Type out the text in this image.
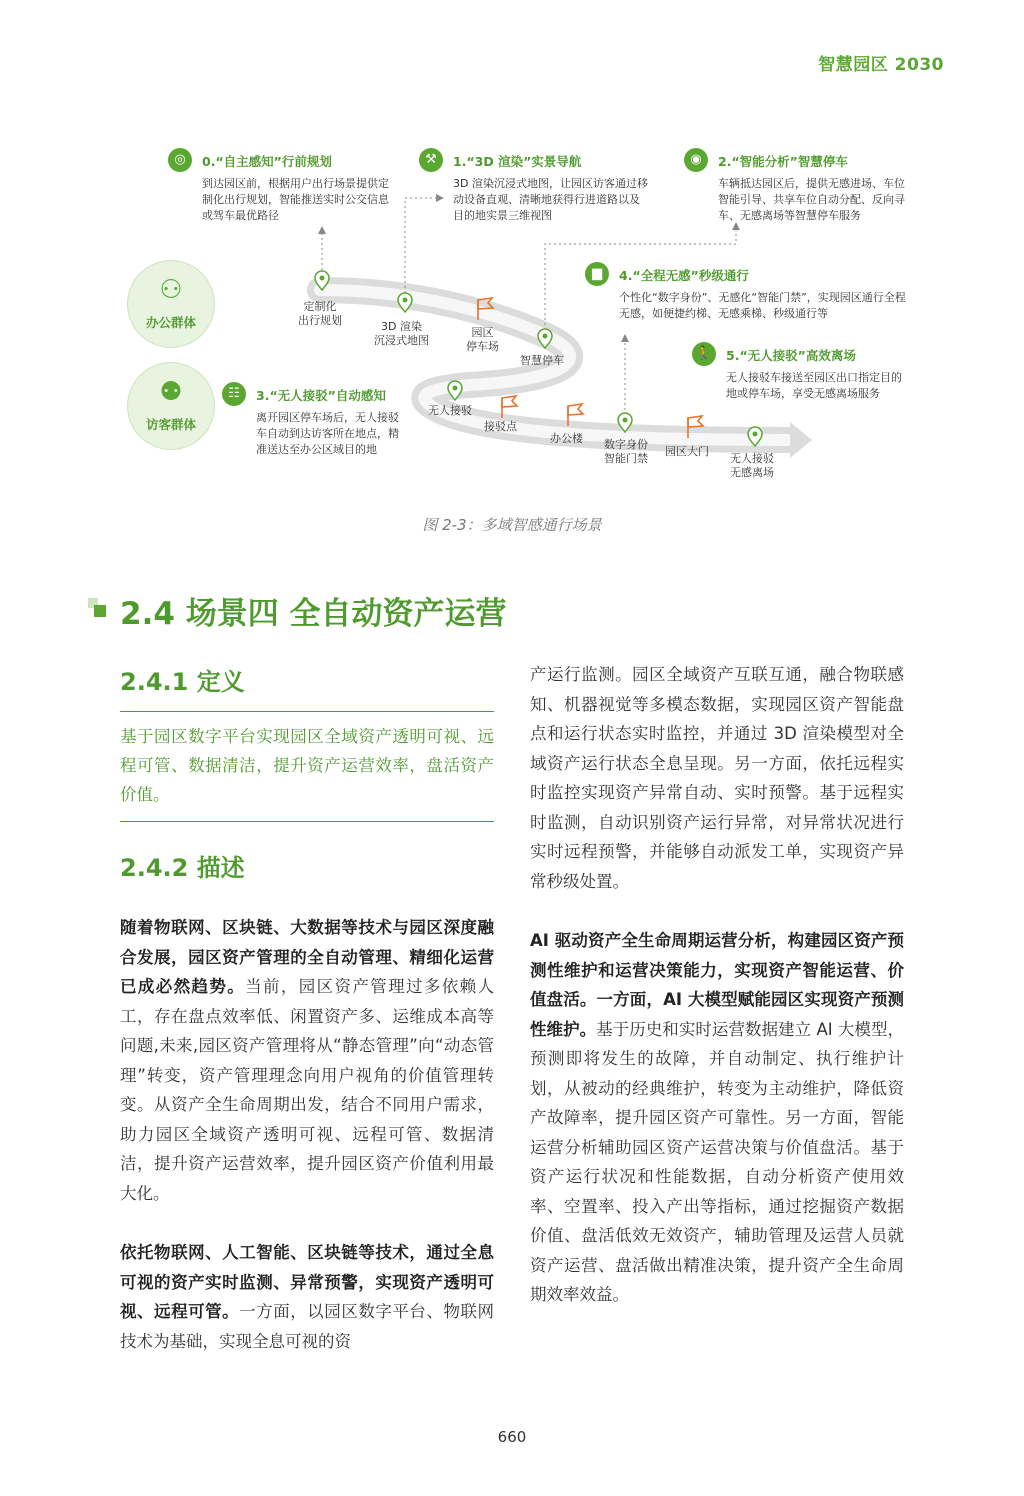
智慧园区 2030
⚇
办公群体
⚉
访客群体
◎	0.“自主感知”行前规划
到达园区前，根据用户出行场景提供定制化出行规划，智能推送实时公交信息或驾车最优路径
⚒	1.“3D 渲染”实景导航
3D 渲染沉浸式地图，让园区访客通过移动设备直观、清晰地获得行进道路以及目的地实景三维视图
◉	2.“智能分析”智慧停车
车辆抵达园区后，提供无感进场、车位智能引导、共享车位自动分配、反向寻车、无感离场等智慧停车服务
▆	4.“全程无感”秒级通行
个性化“数字身份”、无感化“智能门禁”，实现园区通行全程无感，如便捷约梯、无感乘梯、秒级通行等
🚶	5.“无人接驳”高效离场
无人接驳车接送至园区出口指定目的地或停车场，享受无感离场服务
☷	3.“无人接驳”自动感知
离开园区停车场后，无人接驳车自动到达访客所在地点，精准送达至办公区域目的地
定制化
出行规划	3D 渲染
沉浸式地图
园区
停车场
智慧停车
无人接驳
接驳点
办公楼 数字身份
智能门禁
园区大门
无人接驳
无感离场
图 2-3：多域智感通行场景
2.4 场景四 全自动资产运营
2.4.1 定义

基于园区数字平台实现园区全域资产透明可视、远程可管、数据清洁，提升资产运营效率，盘活资产价值。

2.4.2 描述

随着物联网、区块链、大数据等技术与园区深度融合发展，园区资产管理的全自动管理、精细化运营已成必然趋势。当前，园区资产管理过多依赖人工，存在盘点效率低、闲置资产多、运维成本高等问题,未来,园区资产管理将从“静态管理”向“动态管理”转变，资产管理理念向用户视角的价值管理转变。从资产全生命周期出发，结合不同用户需求，助力园区全域资产透明可视、远程可管、数据清洁，提升资产运营效率，提升园区资产价值利用最大化。

依托物联网、人工智能、区块链等技术，通过全息可视的资产实时监测、异常预警，实现资产透明可视、远程可管。一方面，以园区数字平台、物联网技术为基础，实现全息可视的资

产运行监测。园区全域资产互联互通，融合物联感知、机器视觉等多模态数据，实现园区资产智能盘点和运行状态实时监控，并通过 3D 渲染模型对全域资产运行状态全息呈现。另一方面，依托远程实时监控实现资产异常自动、实时预警。基于远程实时监测，自动识别资产运行异常，对异常状况进行实时远程预警，并能够自动派发工单，实现资产异常秒级处置。

AI 驱动资产全生命周期运营分析，构建园区资产预测性维护和运营决策能力，实现资产智能运营、价值盘活。一方面，AI 大模型赋能园区实现资产预测性维护。基于历史和实时运营数据建立 AI 大模型，预测即将发生的故障，并自动制定、执行维护计划，从被动的经典维护，转变为主动维护，降低资产故障率，提升园区资产可靠性。另一方面，智能运营分析辅助园区资产运营决策与价值盘活。基于资产运行状况和性能数据，自动分析资产使用效率、空置率、投入产出等指标，通过挖掘资产数据价值、盘活低效无效资产，辅助管理及运营人员就资产运营、盘活做出精准决策，提升资产全生命周期效率效益。

660
